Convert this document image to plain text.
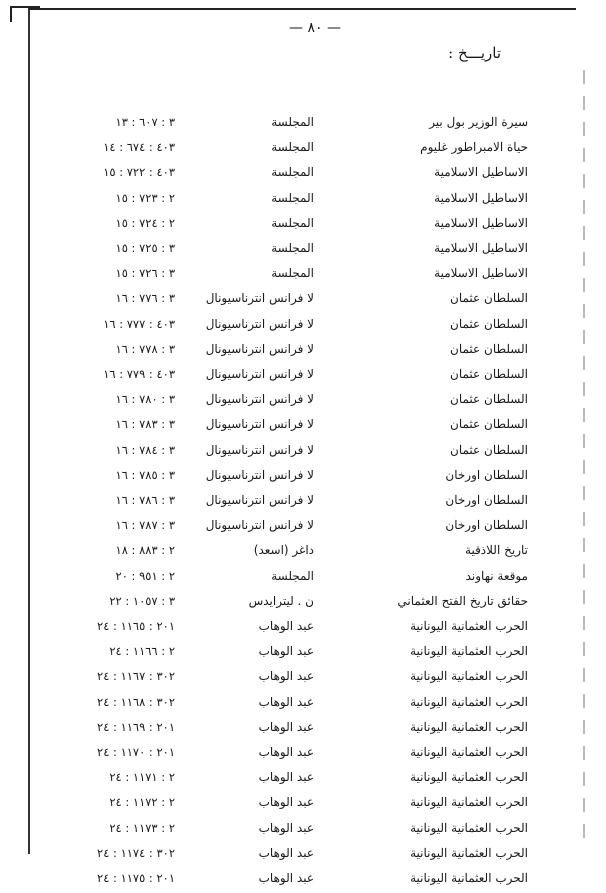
— ٨٠ —
تاريـــخ :
سيرة الوزير بول بير
المجلسة
٣ : ٦٠٧ : ١٣
حياة الامبراطور غليوم
المجلسة
٤٠٣ : ٦٧٤ : ١٤
الاساطيل الاسلامية
المجلسة
٤٠٣ : ٧٢٢ : ١٥
الاساطيل الاسلامية
المجلسة
٢ : ٧٢٣ : ١٥
الاساطيل الاسلامية
المجلسة
٢ : ٧٢٤ : ١٥
الاساطيل الاسلامية
المجلسة
٣ : ٧٢٥ : ١٥
الاساطيل الاسلامية
المجلسة
٣ : ٧٢٦ : ١٥
السلطان عثمان
لا فرانس انترناسيونال
٣ : ٧٧٦ : ١٦
السلطان عثمان
لا فرانس انترناسيونال
٤٠٣ : ٧٧٧ : ١٦
السلطان عثمان
لا فرانس انترناسيونال
٣ : ٧٧٨ : ١٦
السلطان عثمان
لا فرانس انترناسيونال
٤٠٣ : ٧٧٩ : ١٦
السلطان عثمان
لا فرانس انترناسيونال
٣ : ٧٨٠ : ١٦
السلطان عثمان
لا فرانس انترناسيونال
٣ : ٧٨٣ : ١٦
السلطان عثمان
لا فرانس انترناسيونال
٣ : ٧٨٤ : ١٦
السلطان اورخان
لا فرانس انترناسيونال
٣ : ٧٨٥ : ١٦
السلطان اورخان
لا فرانس انترناسيونال
٣ : ٧٨٦ : ١٦
السلطان اورخان
لا فرانس انترناسيونال
٣ : ٧٨٧ : ١٦
تاريخ اللاذقية
داغر (اسعد)
٢ : ٨٨٣ : ١٨
موقعة نهاوند
المجلسة
٢ : ٩٥١ : ٢٠
حقائق تاريخ الفتح العثماني
ن . ليترايدس
٣ : ١٠٥٧ : ٢٢
الحرب العثمانية اليونانية
عبد الوهاب
٢٠١ : ١١٦٥ : ٢٤
الحرب العثمانية اليونانية
عبد الوهاب
٢ : ١١٦٦ : ٢٤
الحرب العثمانية اليونانية
عبد الوهاب
٣٠٢ : ١١٦٧ : ٢٤
الحرب العثمانية اليونانية
عبد الوهاب
٣٠٢ : ١١٦٨ : ٢٤
الحرب العثمانية اليونانية
عبد الوهاب
٢٠١ : ١١٦٩ : ٢٤
الحرب العثمانية اليونانية
عبد الوهاب
٢٠١ : ١١٧٠ : ٢٤
الحرب العثمانية اليونانية
عبد الوهاب
٢ : ١١٧١ : ٢٤
الحرب العثمانية اليونانية
عبد الوهاب
٢ : ١١٧٢ : ٢٤
الحرب العثمانية اليونانية
عبد الوهاب
٢ : ١١٧٣ : ٢٤
الحرب العثمانية اليونانية
عبد الوهاب
٣٠٢ : ١١٧٤ : ٢٤
الحرب العثمانية اليونانية
عبد الوهاب
٢٠١ : ١١٧٥ : ٢٤
